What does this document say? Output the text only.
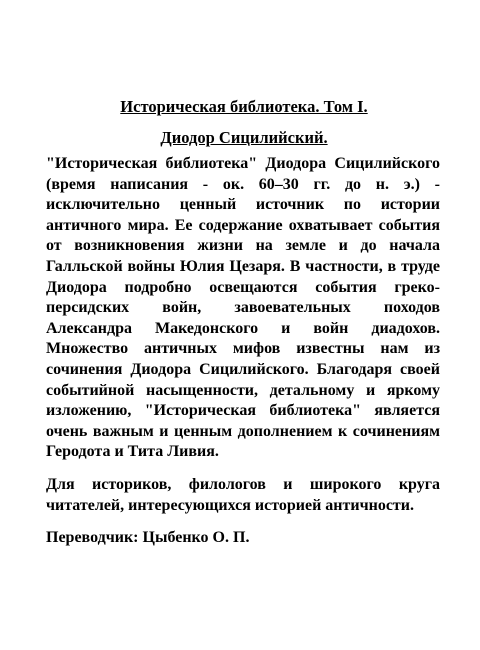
Историческая библиотека. Том I.

Диодор Сицилийский.

"Историческая библиотека" Диодора Сицилийского (время написания - ок. 60–30 гг. до н. э.) - исключительно ценный источник по истории античного мира. Ее содержание охватывает события от возникновения жизни на земле и до начала Галльской войны Юлия Цезаря. В частности, в труде Диодора подробно освещаются события греко-персидских войн, завоевательных походов Александра Македонского и войн диадохов. Множество античных мифов известны нам из сочинения Диодора Сицилийского. Благодаря своей событийной насыщенности, детальному и яркому изложению, "Историческая библиотека" является очень важным и ценным дополнением к сочинениям Геродота и Тита Ливия.

Для историков, филологов и широкого круга читателей, интересующихся историей античности.

Переводчик: Цыбенко О. П.
